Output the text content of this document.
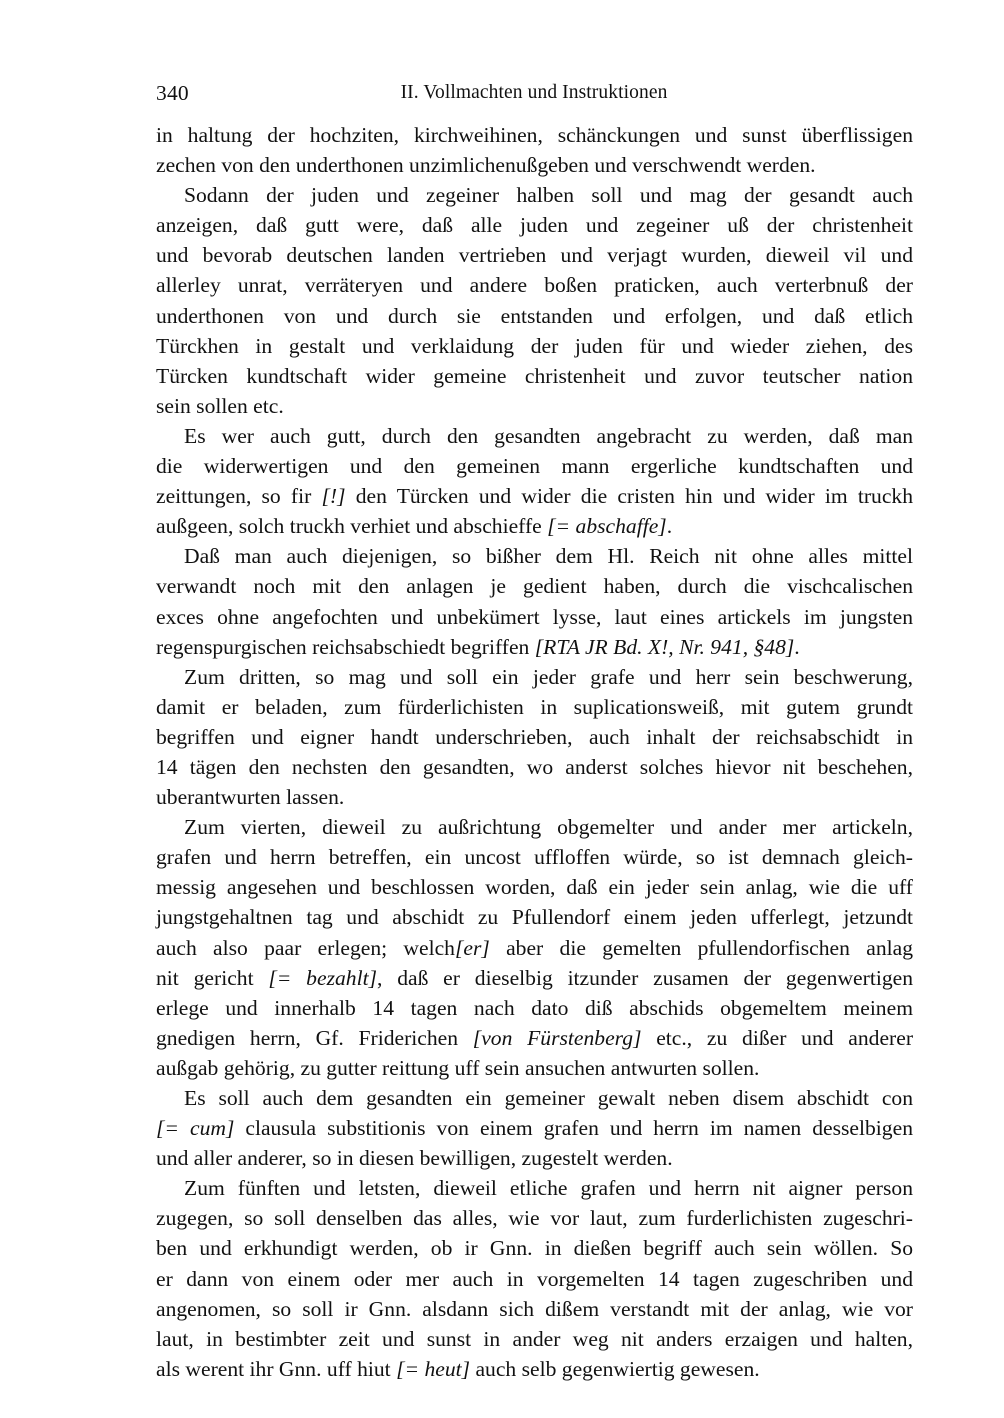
340	II. Vollmachten und Instruktionen

in haltung der hochziten, kirchweihinen, schänckungen und sunst überflissigen
zechen von den underthonen unzimlichenußgeben und verschwendt werden.

Sodann der juden und zegeiner halben soll und mag der gesandt auch
anzeigen, daß gutt were, daß alle juden und zegeiner uß der christenheit
und bevorab deutschen landen vertrieben und verjagt wurden, dieweil vil und
allerley unrat, verräteryen und andere boßen praticken, auch verterbnuß der
underthonen von und durch sie entstanden und erfolgen, und daß etlich
Türckhen in gestalt und verklaidung der juden für und wieder ziehen, des
Türcken kundtschaft wider gemeine christenheit und zuvor teutscher nation
sein sollen etc.

Es wer auch gutt, durch den gesandten angebracht zu werden, daß man
die widerwertigen und den gemeinen mann ergerliche kundtschaften und
zeittungen, so fir [!] den Türcken und wider die cristen hin und wider im truckh
außgeen, solch truckh verhiet und abschieffe [= abschaffe].

Daß man auch diejenigen, so bißher dem Hl. Reich nit ohne alles mittel
verwandt noch mit den anlagen je gedient haben, durch die vischcalischen
exces ohne angefochten und unbekümert lysse, laut eines artickels im jungsten
regenspurgischen reichsabschiedt begriffen [RTA JR Bd. X!, Nr. 941, §48].

Zum dritten, so mag und soll ein jeder grafe und herr sein beschwerung,
damit er beladen, zum fürderlichisten in suplicationsweiß, mit gutem grundt
begriffen und eigner handt underschrieben, auch inhalt der reichsabschidt in
14 tägen den nechsten den gesandten, wo anderst solches hievor nit beschehen,
uberantwurten lassen.

Zum vierten, dieweil zu außrichtung obgemelter und ander mer artickeln,
grafen und herrn betreffen, ein uncost uffloffen würde, so ist demnach gleich-
messig angesehen und beschlossen worden, daß ein jeder sein anlag, wie die uff
jungstgehaltnen tag und abschidt zu Pfullendorf einem jeden ufferlegt, jetzundt
auch also paar erlegen; welch[er] aber die gemelten pfullendorfischen anlag
nit gericht [= bezahlt], daß er dieselbig itzunder zusamen der gegenwertigen
erlege und innerhalb 14 tagen nach dato diß abschids obgemeltem meinem
gnedigen herrn, Gf. Friderichen [von Fürstenberg] etc., zu dißer und anderer
außgab gehörig, zu gutter reittung uff sein ansuchen antwurten sollen.

Es soll auch dem gesandten ein gemeiner gewalt neben disem abschidt con
[= cum] clausula substitionis von einem grafen und herrn im namen desselbigen
und aller anderer, so in diesen bewilligen, zugestelt werden.

Zum fünften und letsten, dieweil etliche grafen und herrn nit aigner person
zugegen, so soll denselben das alles, wie vor laut, zum furderlichisten zugeschri-
ben und erkhundigt werden, ob ir Gnn. in dießen begriff auch sein wöllen. So
er dann von einem oder mer auch in vorgemelten 14 tagen zugeschriben und
angenomen, so soll ir Gnn. alsdann sich dißem verstandt mit der anlag, wie vor
laut, in bestimbter zeit und sunst in ander weg nit anders erzaigen und halten,
als werent ihr Gnn. uff hiut [= heut] auch selb gegenwiertig gewesen.
